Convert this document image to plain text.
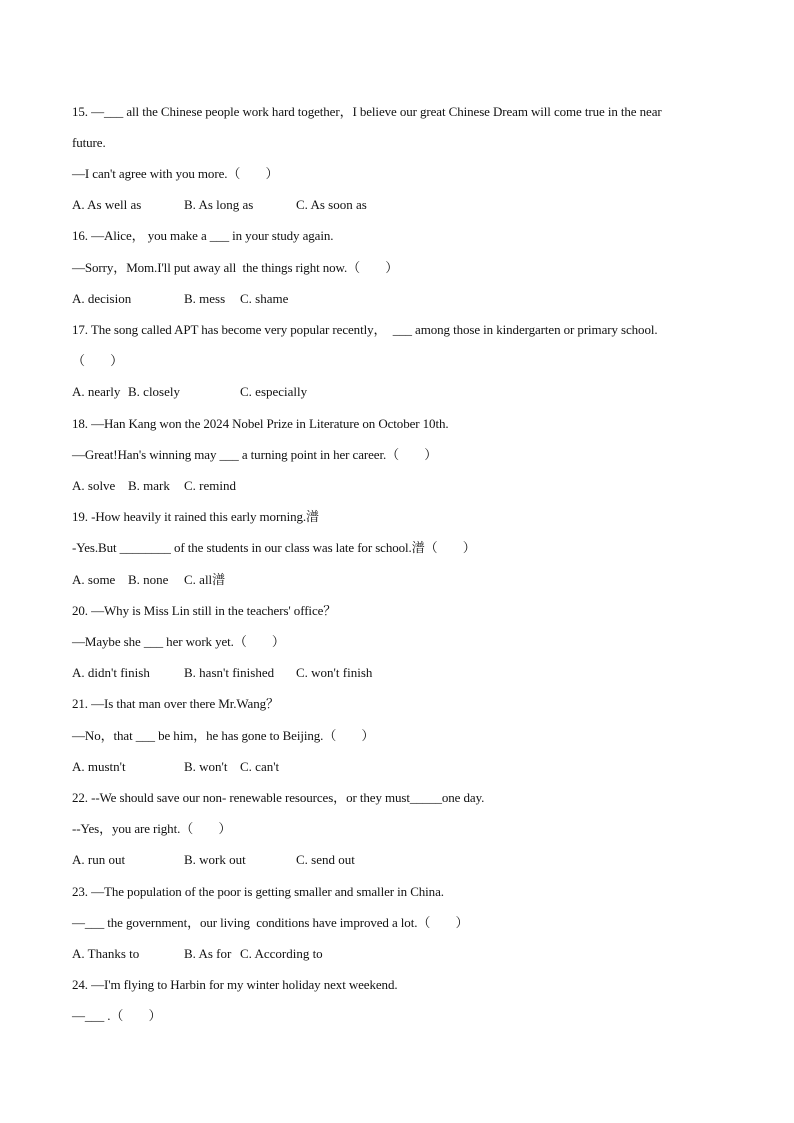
15. —___ all the Chinese people work hard together，I believe our great Chinese Dream will come true in the near
future.
—I can't agree with you more.（        ）
A. As well as	B. As long as	C. As soon as
16. —Alice， you make a ___ in your study again.
—Sorry，Mom.I'll put away all  the things right now.（        ）
A. decision	B. mess C. shame
17. The song called APT has become very popular recently，  ___ among those in kindergarten or primary school.
（        ）
A. nearly B. closely	C. especially
18. —Han Kang won the 2024 Nobel Prize in Literature on October 10th.
—Great!Han's winning may ___ a turning point in her career.（        ）
A. solve B. mark C. remind
19. -How heavily it rained this early morning.潽
-Yes.But ________ of the students in our class was late for school.潽（        ）
A. some B. none C. all潽
20. —Why is Miss Lin still in the teachers' office？
—Maybe she ___ her work yet.（        ）
A. didn't finish	B. hasn't finished C. won't finish
21. —Is that man over there Mr.Wang？
—No，that ___ be him，he has gone to Beijing.（        ）
A. mustn't	B. won't C. can't
22. --We should save our non- renewable resources，or they must_____one day.
--Yes，you are right.（        ）
A. run out	B. work out	C. send out
23. —The population of the poor is getting smaller and smaller in China.
—___ the government，our living  conditions have improved a lot.（        ）
A. Thanks to	B. As for C. According to
24. —I'm flying to Harbin for my winter holiday next weekend.
—___ .（        ）
